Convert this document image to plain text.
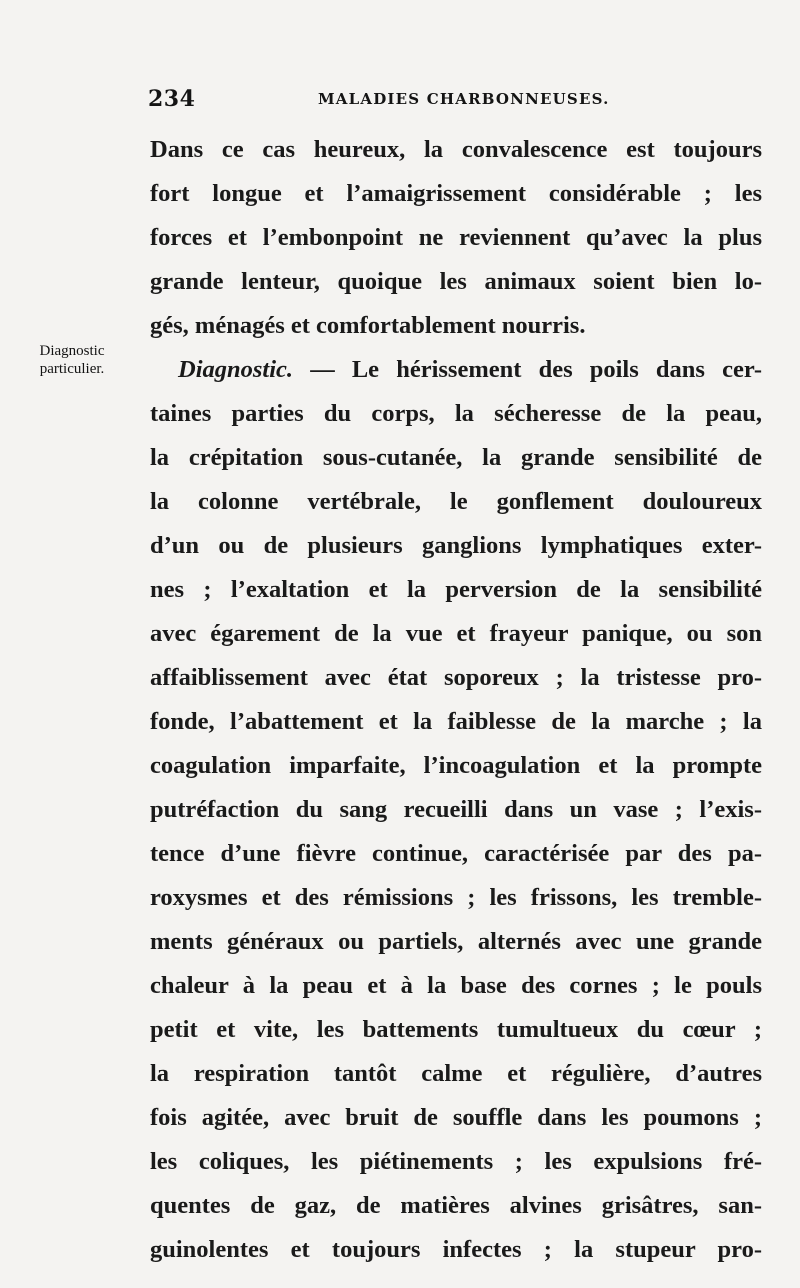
234	MALADIES CHARBONNEUSES.
Diagnostic
particulier.
Dans ce cas heureux, la convalescence est toujours
fort longue et l’amaigrissement considérable ; les
forces et l’embonpoint ne reviennent qu’avec la plus
grande lenteur, quoique les animaux soient bien lo-
gés, ménagés et comfortablement nourris.
Diagnostic. — Le hérissement des poils dans cer-
taines parties du corps, la sécheresse de la peau,
la crépitation sous-cutanée, la grande sensibilité de
la colonne vertébrale, le gonflement douloureux
d’un ou de plusieurs ganglions lymphatiques exter-
nes ; l’exaltation et la perversion de la sensibilité
avec égarement de la vue et frayeur panique, ou son
affaiblissement avec état soporeux ; la tristesse pro-
fonde, l’abattement et la faiblesse de la marche ; la
coagulation imparfaite, l’incoagulation et la prompte
putréfaction du sang recueilli dans un vase ; l’exis-
tence d’une fièvre continue, caractérisée par des pa-
roxysmes et des rémissions ; les frissons, les tremble-
ments généraux ou partiels, alternés avec une grande
chaleur à la peau et à la base des cornes ; le pouls
petit et vite, les battements tumultueux du cœur ;
la respiration tantôt calme et régulière, d’autres
fois agitée, avec bruit de souffle dans les poumons ;
les coliques, les piétinements ; les expulsions fré-
quentes de gaz, de matières alvines grisâtres, san-
guinolentes et toujours infectes ; la stupeur pro-
